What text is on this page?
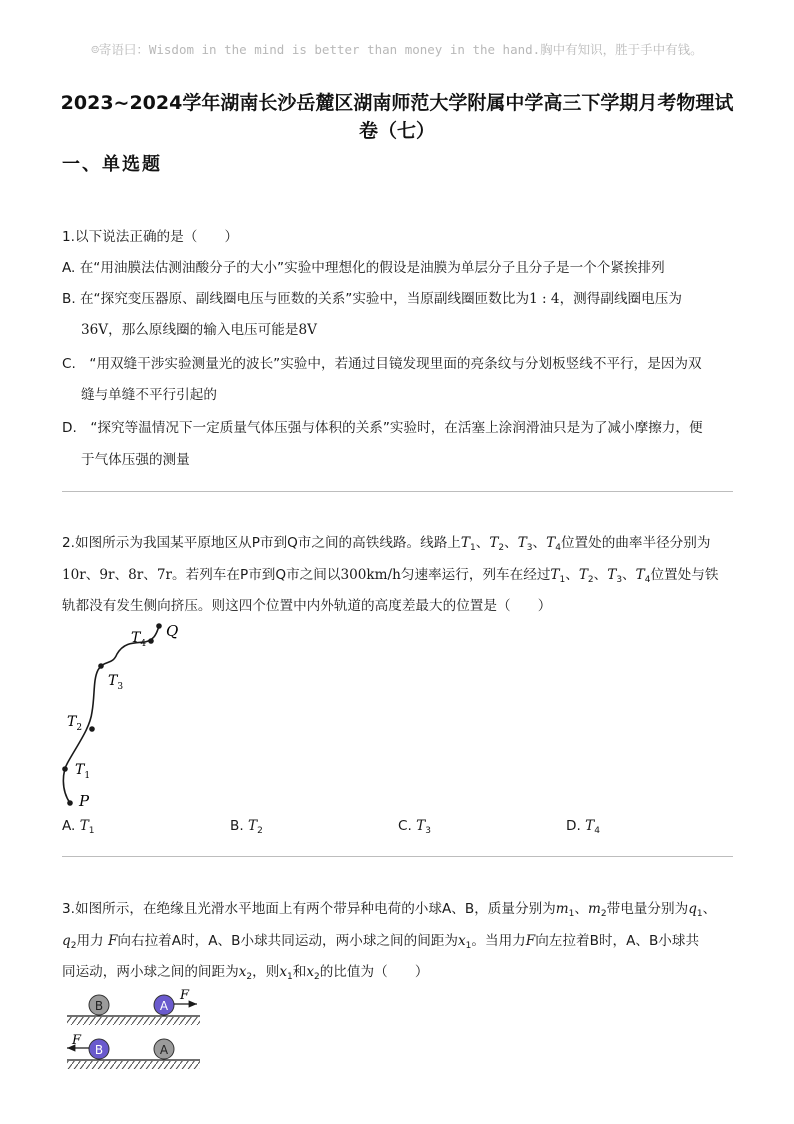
☺寄语曰：Wisdom in the mind is better than money in the hand.胸中有知识，胜于手中有钱。
2023~2024学年湖南长沙岳麓区湖南师范大学附属中学高三下学期月考物理试
卷（七）
一、单选题
1.以下说法正确的是（　　）
A. 在“用油膜法估测油酸分子的大小”实验中理想化的假设是油膜为单层分子且分子是一个个紧挨排列
B. 在“探究变压器原、副线圈电压与匝数的关系”实验中，当原副线圈匝数比为1 : 4，测得副线圈电压为
36V，那么原线圈的输入电压可能是8V
C.　“用双缝干涉实验测量光的波长”实验中，若通过目镜发现里面的亮条纹与分划板竖线不平行，是因为双
缝与单缝不平行引起的
D.　“探究等温情况下一定质量气体压强与体积的关系”实验时，在活塞上涂润滑油只是为了减小摩擦力，便
于气体压强的测量
2.如图所示为我国某平原地区从P市到Q市之间的高铁线路。线路上$T_1$、$T_2$、$T_3$、$T_4$位置处的曲率半径分别为
10r、9r、8r、7r。若列车在P市到Q市之间以300km/h匀速率运行，列车在经过$T_1$、$T_2$、$T_3$、$T_4$位置处与铁
轨都没有发生侧向挤压。则这四个位置中内外轨道的高度差最大的位置是（　　）
$T_4$
Q
$T_3$
$T_2$
$T_1$
P
A. $T_1$	B. $T_2$	C. $T_3$	D. $T_4$
3.如图所示，在绝缘且光滑水平地面上有两个带异种电荷的小球A、B，质量分别为$m_1$、$m_2$带电量分别为$q_1$、
$q_2$用力 F向右拉着A时，A、B小球共同运动，两小球之间的间距为$x_1$。当用力F向左拉着B时，A、B小球共
同运动，两小球之间的间距为$x_2$，则$x_1$和$x_2$的比值为（　　）
B	A
F
B	A
F
